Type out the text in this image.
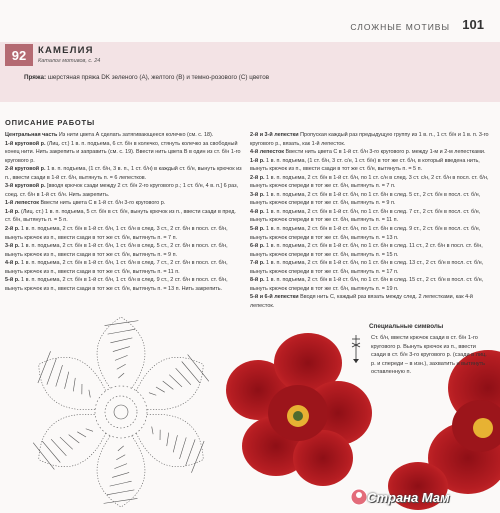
СЛОЖНЫЕ МОТИВЫ 101
92	КАМЕЛИЯ
Каталог мотивов, с. 24
Пряжа: шерстяная пряжа DK зеленого (А), желтого (В) и темно-розового (С) цветов
ОПИСАНИЕ РАБОТЫ

Центральная часть Из нити цвета А сделать затягивающееся колечко (см. с. 18).

1-й круговой р. (Лиц. ст.) 1 в. п. подъема, 6 ст. б/н в колечко, стянуть колечко за свободный конец нити. Нить закрепить и заправить (см. с. 19). Ввести нить цвета В в один из ст. б/н 1-го кругового р.

2-й круговой р. 1 в. п. подъема, (1 ст. б/н, 3 в. п., 1 ст. б/н) в каждый ст. б/н, вынуть крючок из п., ввести сзади в 1-й ст. б/н, вытянуть п. = 6 лепестков.

3-й круговой р. [вводя крючок сзади между 2 ст. б/н 2-го кругового р.; 1 ст. б/н, 4 в. п.] 6 раз, соед. ст. б/н в 1-й ст. б/н. Нить закрепить.

1-й лепесток Ввести нить цвета С в 1-й ст. б/н 3-го кругового р.

1-й р. (Лиц. ст.) 1 в. п. подъема, 5 ст. б/н в ст. б/н, вынуть крючок из п., ввести сзади в пред. ст. б/н, вытянуть п. = 5 п.

2-й р. 1 в. п. подъема, 2 ст. б/н в 1-й ст. б/н, 1 ст. б/н в след. 3 ст., 2 ст. б/н в посл. ст. б/н, вынуть крючок из п., ввести сзади в тот же ст. б/н, вытянуть п. = 7 п.

3-й р. 1 в. п. подъема, 2 ст. б/н в 1-й ст. б/н, 1 ст. б/н в след. 5 ст., 2 ст. б/н в посл. ст. б/н, вынуть крючок из п., ввести сзади в тот же ст. б/н, вытянуть п. = 9 п.

4-й р. 1 в. п. подъема, 2 ст. б/н в 1-й ст. б/н, 1 ст. б/н в след. 7 ст., 2 ст. б/н в посл. ст. б/н, вынуть крючок из п., ввести сзади в тот же ст. б/н, вытянуть п. = 11 п.

5-й р. 1 в. п. подъема, 2 ст. б/н в 1-й ст. б/н, 1 ст. б/н в след. 9 ст., 2 ст. б/н в посл. ст. б/н, вынуть крючок из п., ввести сзади в тот же ст. б/н, вытянуть п. = 13 п. Нить закрепить.

2-й и 3-й лепестки Пропуская каждый раз предыдущую группу из 1 в. п., 1 ст. б/н и 1 в. п. 3-го кругового р., вязать, как 1-й лепесток.

4-й лепесток Ввести нить цвета С в 1-й ст. б/н 3-го кругового р. между 1-м и 2-м лепестками.

1-й р. 1 в. п. подъема, (1 ст. б/н, 3 ст. с/н, 1 ст. б/н) в тот же ст. б/н, в который введена нить, вынуть крючок из п., ввести сзади в тот же ст. б/н, вытянуть п. = 5 п.

2-й р. 1 в. п. подъема, 2 ст. б/н в 1-й ст. б/н, по 1 ст. с/н в след. 3 ст. с/н, 2 ст. б/н в посл. ст. б/н, вынуть крючок спереди в тот же ст. б/н, вытянуть п. = 7 п.

3-й р. 1 в. п. подъема, 2 ст. б/н в 1-й ст. б/н, по 1 ст. б/н в след. 5 ст., 2 ст. б/н в посл. ст. б/н, вынуть крючок спереди в тот же ст. б/н, вытянуть п. = 9 п.

4-й р. 1 в. п. подъема, 2 ст. б/н в 1-й ст. б/н, по 1 ст. б/н в след. 7 ст., 2 ст. б/н в посл. ст. б/н, вынуть крючок спереди в тот же ст. б/н, вытянуть п. = 11 п.

5-й р. 1 в. п. подъема, 2 ст. б/н в 1-й ст. б/н, по 1 ст. б/н в след. 9 ст., 2 ст. б/н в посл. ст. б/н, вынуть крючок спереди в тот же ст. б/н, вытянуть п. = 13 п.

6-й р. 1 в. п. подъема, 2 ст. б/н в 1-й ст. б/н, по 1 ст. б/н в след. 11 ст., 2 ст. б/н в посл. ст. б/н, вынуть крючок спереди в тот же ст. б/н, вытянуть п. = 15 п.

7-й р. 1 в. п. подъема, 2 ст. б/н в 1-й ст. б/н, по 1 ст. б/н в след. 13 ст., 2 ст. б/н в посл. ст. б/н, вынуть крючок спереди в тот же ст. б/н, вытянуть п. = 17 п.

8-й р. 1 в. п. подъема, 2 ст. б/н в 1-й ст. б/н, по 1 ст. б/н в след. 15 ст., 2 ст. б/н в посл. ст. б/н, вынуть крючок спереди в тот же ст. б/н, вытянуть п. = 19 п.

5-й и 6-й лепестки Вводя нить С, каждый раз вязать между след. 2 лепестками, как 4-й лепесток.

Специальные символы
Ст. б/н, ввести крючок сзади в ст. б/н 1-го кругового р. Вынуть крючок из п., ввести сзади в ст. б/н 3-го кругового р. (сзади в лиц. р. и спереди – в изн.), захватить и вытянуть оставленную п.
Страна Мам
